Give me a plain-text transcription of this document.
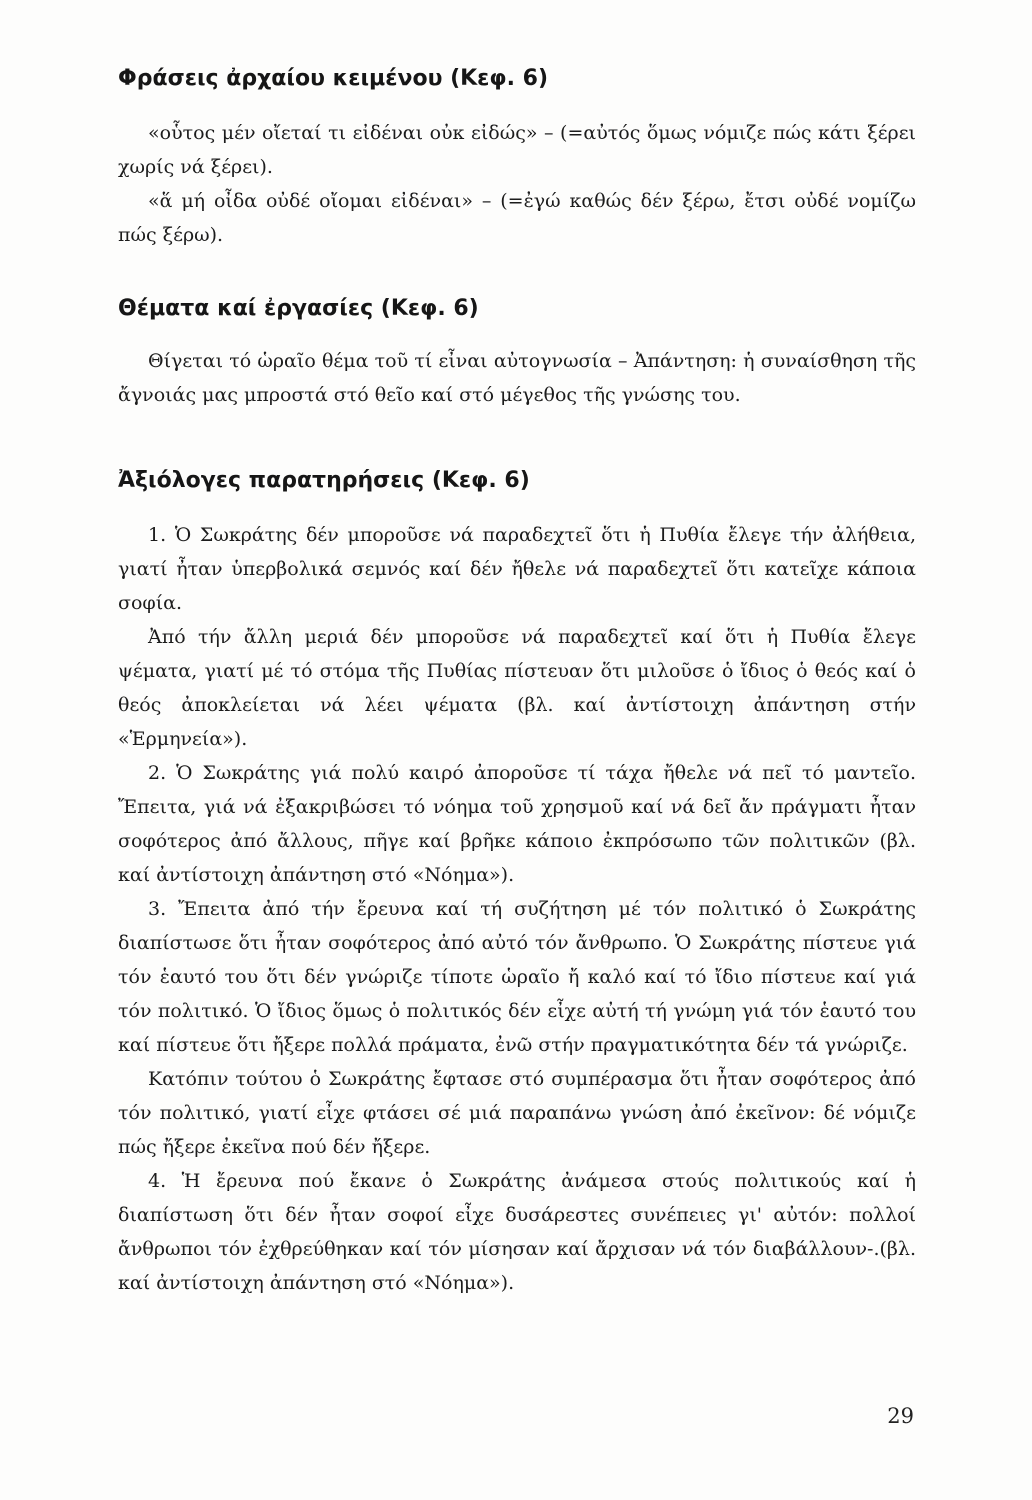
Φράσεις ἀρχαίου κειμένου (Κεφ. 6)

«οὗτος μέν οἴεταί τι εἰδέναι οὐκ εἰδώς» – (=αὐτός ὅμως νόμιζε πώς κάτι ξέρει χωρίς νά ξέρει).

«ἅ μή οἶδα οὐδέ οἴομαι εἰδέναι» – (=ἐγώ καθώς δέν ξέρω, ἔτσι οὐδέ νομίζω πώς ξέρω).

Θέματα καί ἐργασίες (Κεφ. 6)

Θίγεται τό ὡραῖο θέμα τοῦ τί εἶναι αὐτογνωσία – Ἀπάντηση: ἡ συναίσθηση τῆς ἄγνοιάς μας μπροστά στό θεῖο καί στό μέγεθος τῆς γνώσης του.

Ἀξιόλογες παρατηρήσεις (Κεφ. 6)

1. Ὁ Σωκράτης δέν μποροῦσε νά παραδεχτεῖ ὅτι ἡ Πυθία ἔλεγε τήν ἀλήθεια, γιατί ἦταν ὑπερβολικά σεμνός καί δέν ἤθελε νά παραδεχτεῖ ὅτι κατεῖχε κάποια σοφία.

Ἀπό τήν ἄλλη μεριά δέν μποροῦσε νά παραδεχτεῖ καί ὅτι ἡ Πυθία ἔλεγε ψέματα, γιατί μέ τό στόμα τῆς Πυθίας πίστευαν ὅτι μιλοῦσε ὁ ἴδιος ὁ θεός καί ὁ θεός ἀποκλείεται νά λέει ψέματα (βλ. καί ἀντίστοιχη ἀπάντηση στήν «Ἑρμηνεία»).

2. Ὁ Σωκράτης γιά πολύ καιρό ἀποροῦσε τί τάχα ἤθελε νά πεῖ τό μαντεῖο. Ἔπειτα, γιά νά ἐξακριβώσει τό νόημα τοῦ χρησμοῦ καί νά δεῖ ἄν πράγματι ἦταν σοφότερος ἀπό ἄλλους, πῆγε καί βρῆκε κάποιο ἐκπρόσωπο τῶν πολιτικῶν (βλ. καί ἀντίστοιχη ἀπάντηση στό «Νόημα»).

3. Ἔπειτα ἀπό τήν ἔρευνα καί τή συζήτηση μέ τόν πολιτικό ὁ Σωκράτης διαπίστωσε ὅτι ἦταν σοφότερος ἀπό αὐτό τόν ἄνθρωπο. Ὁ Σωκράτης πίστευε γιά τόν ἑαυτό του ὅτι δέν γνώριζε τίποτε ὡραῖο ἤ καλό καί τό ἴδιο πίστευε καί γιά τόν πολιτικό. Ὁ ἴδιος ὅμως ὁ πολιτικός δέν εἶχε αὐτή τή γνώμη γιά τόν ἑαυτό του καί πίστευε ὅτι ἤξερε πολλά πράματα, ἐνῶ στήν πραγματικότητα δέν τά γνώριζε.

Κατόπιν τούτου ὁ Σωκράτης ἔφτασε στό συμπέρασμα ὅτι ἦταν σοφότερος ἀπό τόν πολιτικό, γιατί εἶχε φτάσει σέ μιά παραπάνω γνώση ἀπό ἐκεῖνον: δέ νόμιζε πώς ἤξερε ἐκεῖνα πού δέν ἤξερε.

4. Ἡ ἔρευνα πού ἔκανε ὁ Σωκράτης ἀνάμεσα στούς πολιτικούς καί ἡ διαπίστωση ὅτι δέν ἦταν σοφοί εἶχε δυσάρεστες συνέπειες γι' αὐτόν: πολλοί ἄνθρωποι τόν ἐχθρεύθηκαν καί τόν μίσησαν καί ἄρχισαν νά τόν διαβάλλουν-.(βλ. καί ἀντίστοιχη ἀπάντηση στό «Νόημα»).

29
